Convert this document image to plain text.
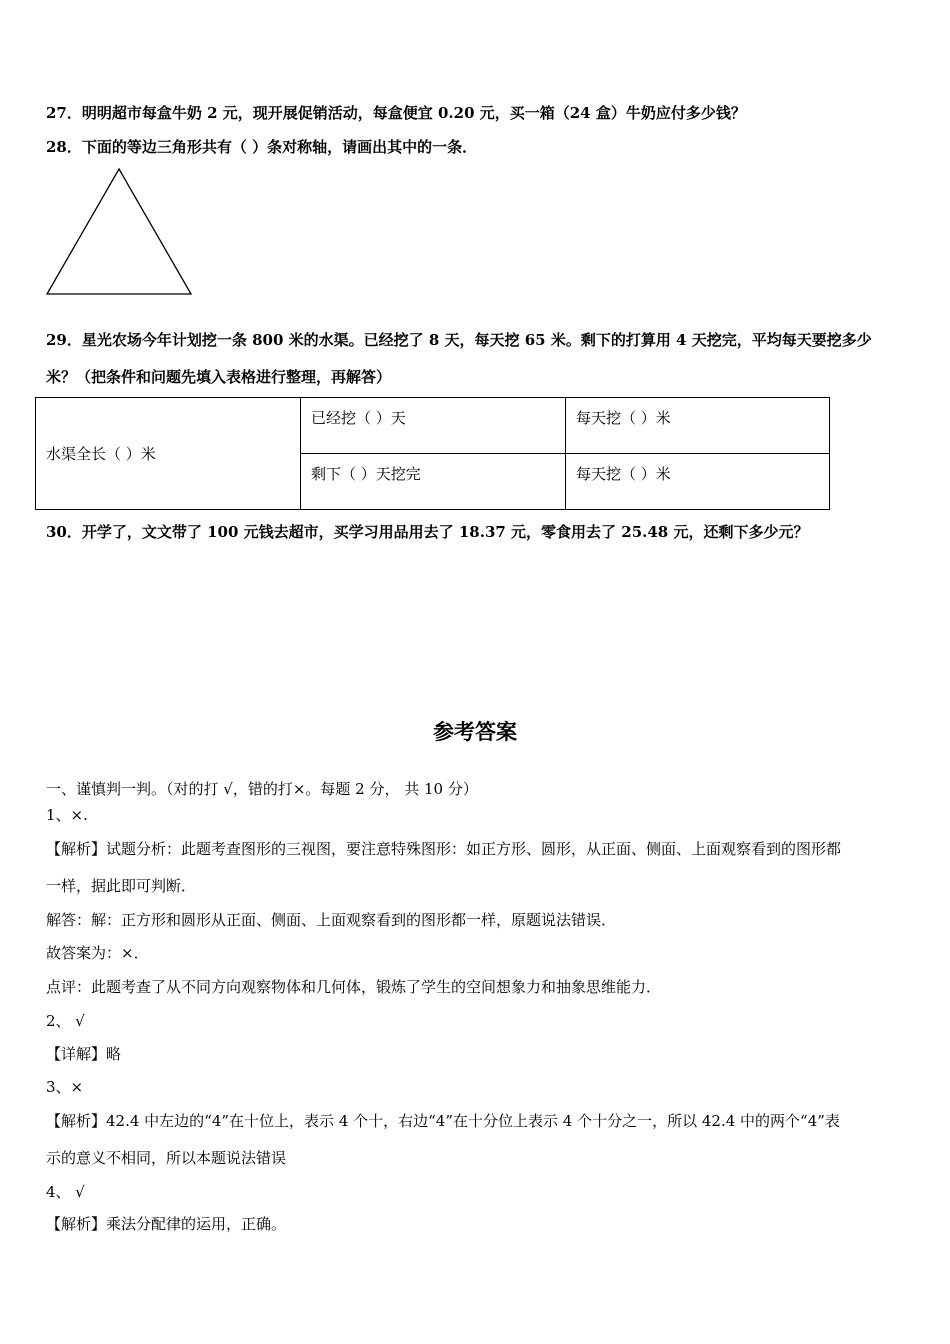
27．明明超市每盒牛奶 2 元，现开展促销活动，每盒便宜 0.20 元，买一箱（24 盒）牛奶应付多少钱？
28．下面的等边三角形共有（ ）条对称轴，请画出其中的一条．
29．星光农场今年计划挖一条 800 米的水渠。已经挖了 8 天，每天挖 65 米。剩下的打算用 4 天挖完，平均每天要挖多少
米？（把条件和问题先填入表格进行整理，再解答）
水渠全长（ ）米	已经挖（ ）天	每天挖（ ）米
	剩下（ ）天挖完	每天挖（ ）米
30．开学了，文文带了 100 元钱去超市，买学习用品用去了 18.37 元，零食用去了 25.48 元，还剩下多少元？
参考答案
一、谨慎判一判。（对的打 √，错的打×。每题 2 分， 共 10 分）
1、×.
【解析】试题分析：此题考查图形的三视图，要注意特殊图形：如正方形、圆形，从正面、侧面、上面观察看到的图形都
一样，据此即可判断．
解答：解：正方形和圆形从正面、侧面、上面观察看到的图形都一样，原题说法错误．
故答案为：×．
点评：此题考查了从不同方向观察物体和几何体，锻炼了学生的空间想象力和抽象思维能力．
2、 √
【详解】略
3、×
【解析】42.4 中左边的“4”在十位上，表示 4 个十，右边“4”在十分位上表示 4 个十分之一，所以 42.4 中的两个“4”表
示的意义不相同，所以本题说法错误
4、 √
【解析】乘法分配律的运用，正确。
